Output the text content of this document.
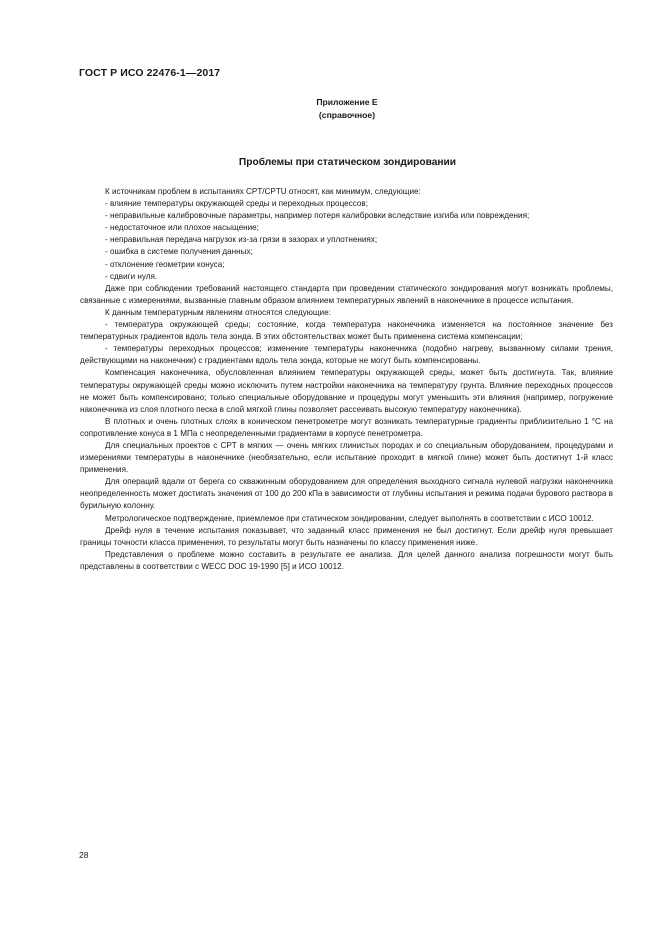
ГОСТ Р ИСО 22476-1—2017
Приложение Е
(справочное)
Проблемы при статическом зондировании

К источникам проблем в испытаниях CPT/CPTU относят, как минимум, следующие:

- влияние температуры окружающей среды и переходных процессов;

- неправильные калибровочные параметры, например потеря калибровки вследствие изгиба или повреждения;

- недостаточное или плохое насыщение;

- неправильная передача нагрузок из-за грязи в зазорах и уплотнениях;

- ошибка в системе получения данных;

- отклонение геометрии конуса;

- сдвиги нуля.

Даже при соблюдении требований настоящего стандарта при проведении статического зондирования могут возникать проблемы, связанные с измерениями, вызванные главным образом влиянием температурных явлений в наконечнике в процессе испытания.

К данным температурным явлениям относятся следующие:

- температура окружающей среды; состояние, когда температура наконечника изменяется на постоянное значение без температурных градиентов вдоль тела зонда. В этих обстоятельствах может быть применена система компенсации;

- температуры переходных процессов; изменение температуры наконечника (подобно нагреву, вызванному силами трения, действующими на наконечник) с градиентами вдоль тела зонда, которые не могут быть компенсированы.

Компенсация наконечника, обусловленная влиянием температуры окружающей среды, может быть достигнута. Так, влияние температуры окружающей среды можно исключить путем настройки наконечника на температуру грунта. Влияние переходных процессов не может быть компенсировано; только специальные оборудование и процедуры могут уменьшить эти влияния (например, погружение наконечника из слоя плотного песка в слой мягкой глины позволяет рассеивать высокую температуру наконечника).

В плотных и очень плотных слоях в коническом пенетрометре могут возникать температурные градиенты приблизительно 1 °С на сопротивление конуса в 1 МПа с неопределенными градиентами в корпусе пенетрометра.

Для специальных проектов с CPT в мягких — очень мягких глинистых породах и со специальным оборудованием, процедурами и измерениями температуры в наконечнике (необязательно, если испытание проходит в мягкой глине) может быть достигнут 1-й класс применения.

Для операций вдали от берега со скважинным оборудованием для определения выходного сигнала нулевой нагрузки наконечника неопределенность может достигать значения от 100 до 200 кПа в зависимости от глубины испытания и режима подачи бурового раствора в бурильную колонну.

Метрологическое подтверждение, приемлемое при статическом зондировании, следует выполнять в соответствии с ИСО 10012.

Дрейф нуля в течение испытания показывает, что заданный класс применения не был достигнут. Если дрейф нуля превышает границы точности класса применения, то результаты могут быть назначены по классу применения ниже.

Представления о проблеме можно составить в результате ее анализа. Для целей данного анализа погрешности могут быть представлены в соответствии с WECC DOC 19-1990 [5] и ИСО 10012.

28
